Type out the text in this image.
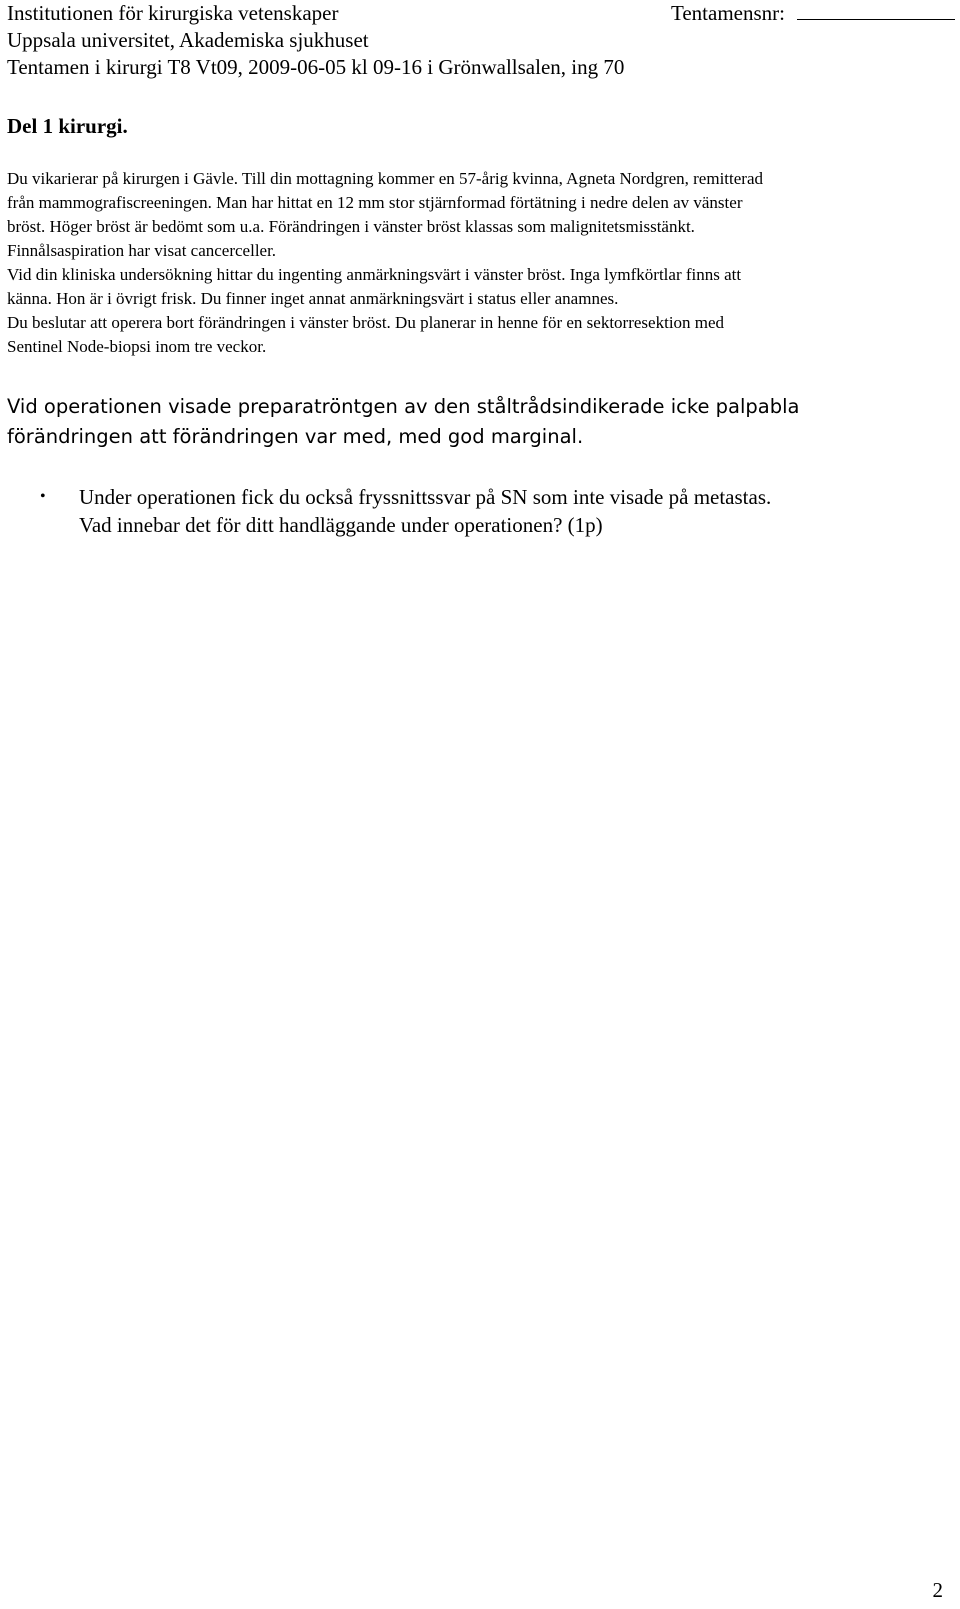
Institutionen för kirurgiska vetenskaper	Tentamensnr:
Uppsala universitet, Akademiska sjukhuset
Tentamen i kirurgi T8 Vt09, 2009-06-05 kl 09-16 i Grönwallsalen, ing 70
Del 1 kirurgi.
Du vikarierar på kirurgen i Gävle. Till din mottagning kommer en 57-årig kvinna, Agneta Nordgren, remitterad
från mammografiscreeningen. Man har hittat en 12 mm stor stjärnformad förtätning i nedre delen av vänster
bröst. Höger bröst är bedömt som u.a. Förändringen i vänster bröst klassas som malignitetsmisstänkt.
Finnålsaspiration har visat cancerceller.
Vid din kliniska undersökning hittar du ingenting anmärkningsvärt i vänster bröst. Inga lymfkörtlar finns att
känna. Hon är i övrigt frisk. Du finner inget annat anmärkningsvärt i status eller anamnes.
Du beslutar att operera bort förändringen i vänster bröst. Du planerar in henne för en sektorresektion med
Sentinel Node-biopsi inom tre veckor.
Vid operationen visade preparatröntgen av den ståltrådsindikerade icke palpabla
förändringen att förändringen var med, med god marginal.
• Under operationen fick du också fryssnittssvar på SN som inte visade på metastas.
Vad innebar det för ditt handläggande under operationen? (1p)
2
